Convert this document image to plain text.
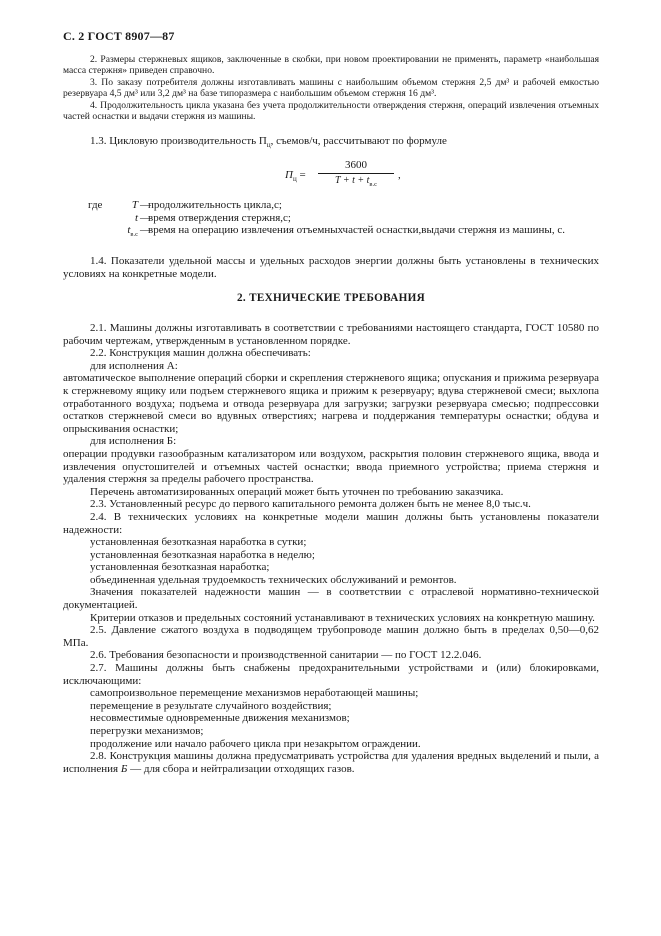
С. 2 ГОСТ 8907—87

2. Размеры стержневых ящиков, заключенные в скобки, при новом проектировании не применять, параметр «наибольшая масса стержня» приведен справочно.

3. По заказу потребителя должны изготавливать машины с наибольшим объемом стержня 2,5 дм³ и рабочей емкостью резервуара 4,5 дм³ или 3,2 дм³ на базе типоразмера с наибольшим объемом стержня 16 дм³.

4. Продолжительность цикла указана без учета продолжительности отверждения стержня, операций извлечения отъемных частей оснастки и выдачи стержня из машины.

1.3. Цикловую производительность $П_ц$, съемов/ч, рассчитывают по формуле

$П_ц$ =
3600
$T + t + t_{в.с}$
,
где	T —
продолжительность цикла,с;
t —
время отверждения стержня,с;
$t_{в.с}$ —
время на операцию извлечения отъемныхчастей оснастки,выдачи стержня из машины, с.

1.4. Показатели удельной массы и удельных расходов энергии должны быть установлены в технических условиях на конкретные модели.

2. ТЕХНИЧЕСКИЕ ТРЕБОВАНИЯ

2.1. Машины должны изготавливать в соответствии с требованиями настоящего стандарта, ГОСТ 10580 по рабочим чертежам, утвержденным в установленном порядке.

2.2. Конструкция машин должна обеспечивать:

для исполнения А:

автоматическое выполнение операций сборки и скрепления стержневого ящика; опускания и прижима резервуара к стержневому ящику или подъем стержневого ящика и прижим к резервуару; вдува стержневой смеси; выхлопа отработанного воздуха; подъема и отвода резервуара для загрузки; загрузки резервуара смесью; подпрессовки остатков стержневой смеси во вдувных отверстиях; нагрева и поддержания температуры оснастки; обдува и опрыскивания оснастки;

для исполнения Б:

операции продувки газообразным катализатором или воздухом, раскрытия половин стержневого ящика, ввода и извлечения опустошителей и отъемных частей оснастки; ввода приемного устройства; приема стержня и удаления стержня за пределы рабочего пространства.

Перечень автоматизированных операций может быть уточнен по требованию заказчика.

2.3. Установленный ресурс до первого капитального ремонта должен быть не менее 8,0 тыс.ч.

2.4. В технических условиях на конкретные модели машин должны быть установлены показатели надежности:

установленная безотказная наработка в сутки;

установленная безотказная наработка в неделю;

установленная безотказная наработка;

объединенная удельная трудоемкость технических обслуживаний и ремонтов.

Значения показателей надежности машин — в соответствии с отраслевой нормативно-технической документацией.

Критерии отказов и предельных состояний устанавливают в технических условиях на конкретную машину.

2.5. Давление сжатого воздуха в подводящем трубопроводе машин должно быть в пределах 0,50—0,62 МПа.

2.6. Требования безопасности и производственной санитарии — по ГОСТ 12.2.046.

2.7. Машины должны быть снабжены предохранительными устройствами и (или) блокировками, исключающими:

самопроизвольное перемещение механизмов неработающей машины;

перемещение в результате случайного воздействия;

несовместимые одновременные движения механизмов;

перегрузки механизмов;

продолжение или начало рабочего цикла при незакрытом ограждении.

2.8. Конструкция машины должна предусматривать устройства для удаления вредных выделений и пыли, а исполнения Б — для сбора и нейтрализации отходящих газов.
